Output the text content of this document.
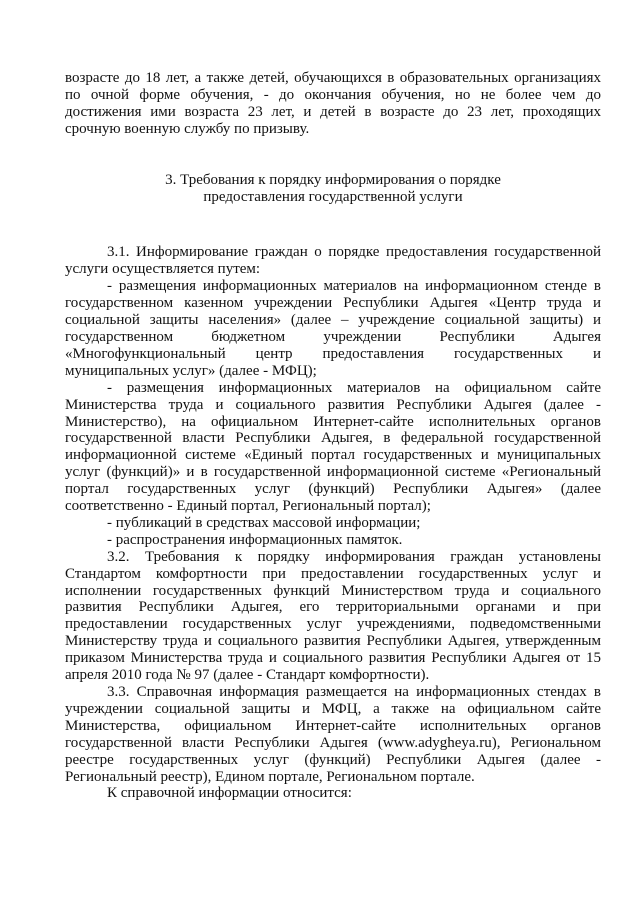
возрасте до 18 лет, а также детей, обучающихся в образовательных организациях по очной форме обучения, - до окончания обучения, но не более чем до достижения ими возраста 23 лет, и детей в возрасте до 23 лет, проходящих срочную военную службу по призыву.

3. Требования к порядку информирования о порядке

предоставления государственной услуги

3.1. Информирование граждан о порядке предоставления государственной услуги осуществляется путем:

- размещения информационных материалов на информационном стенде в государственном казенном учреждении Республики Адыгея «Центр труда и социальной защиты населения» (далее – учреждение социальной защиты) и государственном бюджетном учреждении Республики Адыгея «Многофункциональный центр предоставления государственных и муниципальных услуг» (далее - МФЦ);

- размещения информационных материалов на официальном сайте Министерства труда и социального развития Республики Адыгея (далее - Министерство), на официальном Интернет-сайте исполнительных органов государственной власти Республики Адыгея, в федеральной государственной информационной системе «Единый портал государственных и муниципальных услуг (функций)» и в государственной информационной системе «Региональный портал государственных услуг (функций) Республики Адыгея» (далее соответственно - Единый портал, Региональный портал);

- публикаций в средствах массовой информации;

- распространения информационных памяток.

3.2. Требования к порядку информирования граждан установлены Стандартом комфортности при предоставлении государственных услуг и исполнении государственных функций Министерством труда и социального развития Республики Адыгея, его территориальными органами и при предоставлении государственных услуг учреждениями, подведомственными Министерству труда и социального развития Республики Адыгея, утвержденным приказом Министерства труда и социального развития Республики Адыгея от 15 апреля 2010 года № 97 (далее - Стандарт комфортности).

3.3. Справочная информация размещается на информационных стендах в учреждении социальной защиты и МФЦ, а также на официальном сайте Министерства, официальном Интернет-сайте исполнительных органов государственной власти Республики Адыгея (www.adygheya.ru), Региональном реестре государственных услуг (функций) Республики Адыгея (далее - Региональный реестр), Едином портале, Региональном портале.

К справочной информации относится:
